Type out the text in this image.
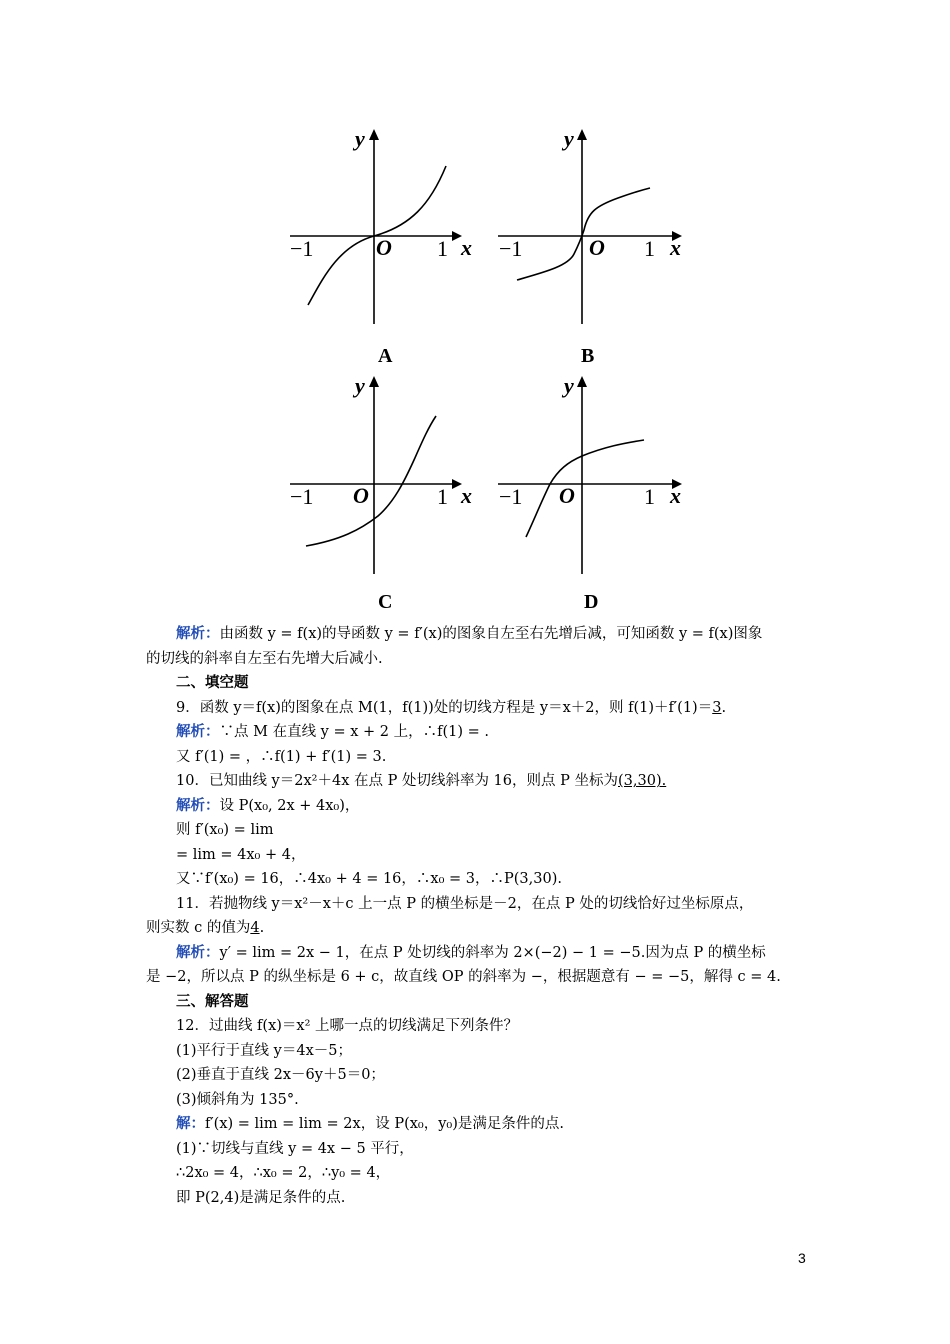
y
x
O
−1	1
A
y
x
O
−1	1
B
y
x
O
−1	1
C
y
x
O
−1	1
D
解析：由函数 y = f(x)的导函数 y = f′(x)的图象自左至右先增后减，可知函数 y = f(x)图象
的切线的斜率自左至右先增大后减小.
二、填空题
9．函数 y＝f(x)的图象在点 M(1，f(1))处的切线方程是 y＝x＋2，则 f(1)＋f′(1)＝3.
解析：∵点 M 在直线 y = x + 2 上，∴f(1) = .
又 f′(1) = ，∴f(1) + f′(1) = 3.
10．已知曲线 y＝2x²＋4x 在点 P 处切线斜率为 16，则点 P 坐标为(3,30).
解析：设 P(x₀, 2x + 4x₀)，
则 f′(x₀) = lim
= lim = 4x₀ + 4，
又∵f′(x₀) = 16，∴4x₀ + 4 = 16，∴x₀ = 3，∴P(3,30).
11．若抛物线 y＝x²－x＋c 上一点 P 的横坐标是－2，在点 P 处的切线恰好过坐标原点，
则实数 c 的值为4.
解析：y′ = lim = 2x − 1，在点 P 处切线的斜率为 2×(−2) − 1 = −5.因为点 P 的横坐标
是 −2，所以点 P 的纵坐标是 6 + c，故直线 OP 的斜率为 −，根据题意有 − = −5，解得 c = 4.
三、解答题
12．过曲线 f(x)＝x² 上哪一点的切线满足下列条件？
(1)平行于直线 y＝4x－5；
(2)垂直于直线 2x－6y＋5＝0；
(3)倾斜角为 135°.
解：f′(x) = lim = lim = 2x，设 P(x₀，y₀)是满足条件的点.
(1)∵切线与直线 y = 4x − 5 平行，
∴2x₀ = 4，∴x₀ = 2，∴y₀ = 4，
即 P(2,4)是满足条件的点.
3
